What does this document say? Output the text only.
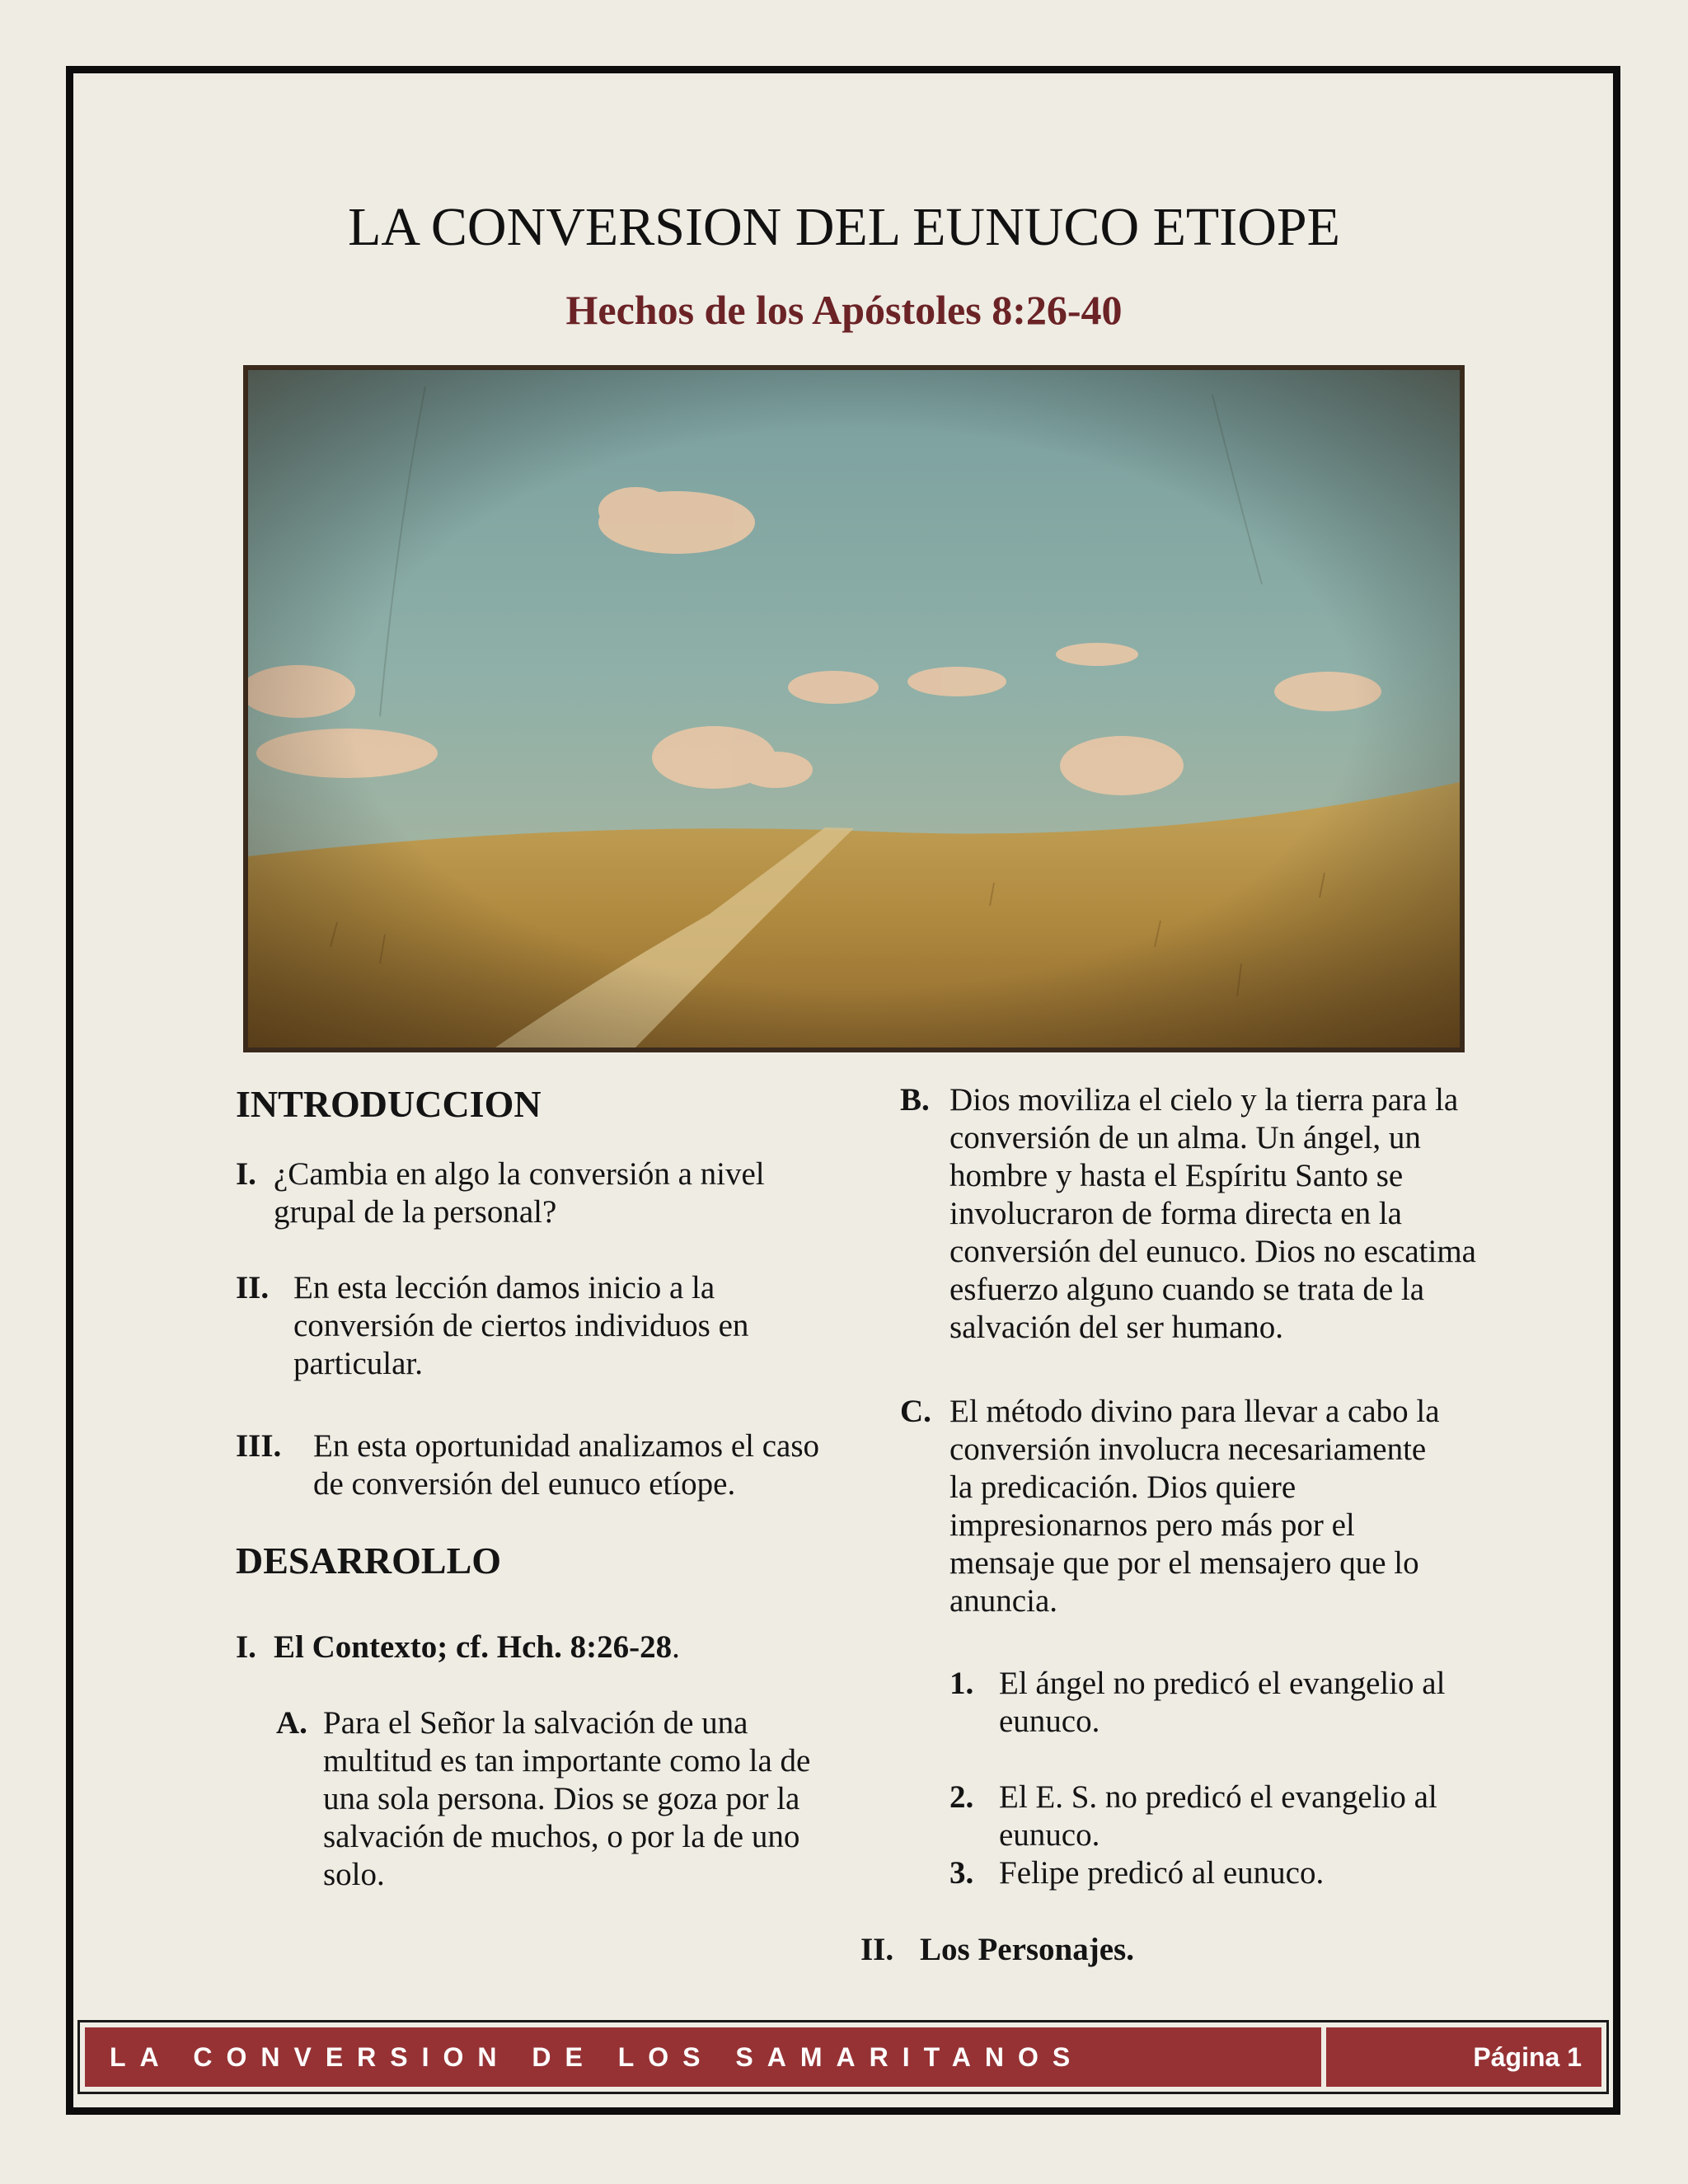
LA CONVERSION DEL EUNUCO ETIOPE
Hechos de los Apóstoles 8:26-40
INTRODUCCION
I. ¿Cambia en algo la conversión a nivel grupal de la personal?
II. En esta lección damos inicio a la conversión de ciertos individuos en particular.
III. En esta oportunidad analizamos el caso de conversión del eunuco etíope.
DESARROLLO
I. El Contexto; cf. Hch. 8:26-28.
A. Para el Señor la salvación de una multitud es tan importante como la de una sola persona. Dios se goza por la salvación de muchos, o por la de uno solo.
B. Dios moviliza el cielo y la tierra para la conversión de un alma. Un ángel, un hombre y hasta el Espíritu Santo se involucraron de forma directa en la conversión del eunuco. Dios no escatima esfuerzo alguno cuando se trata de la salvación del ser humano.
C. El método divino para llevar a cabo la conversión involucra necesariamente la predicación. Dios quiere impresionarnos pero más por el mensaje que por el mensajero que lo anuncia.
1. El ángel no predicó el evangelio al eunuco.
2. El E. S. no predicó el evangelio al eunuco.
3. Felipe predicó al eunuco.
II. Los Personajes.
LA CONVERSION DE LOS SAMARITANOS	Página 1
